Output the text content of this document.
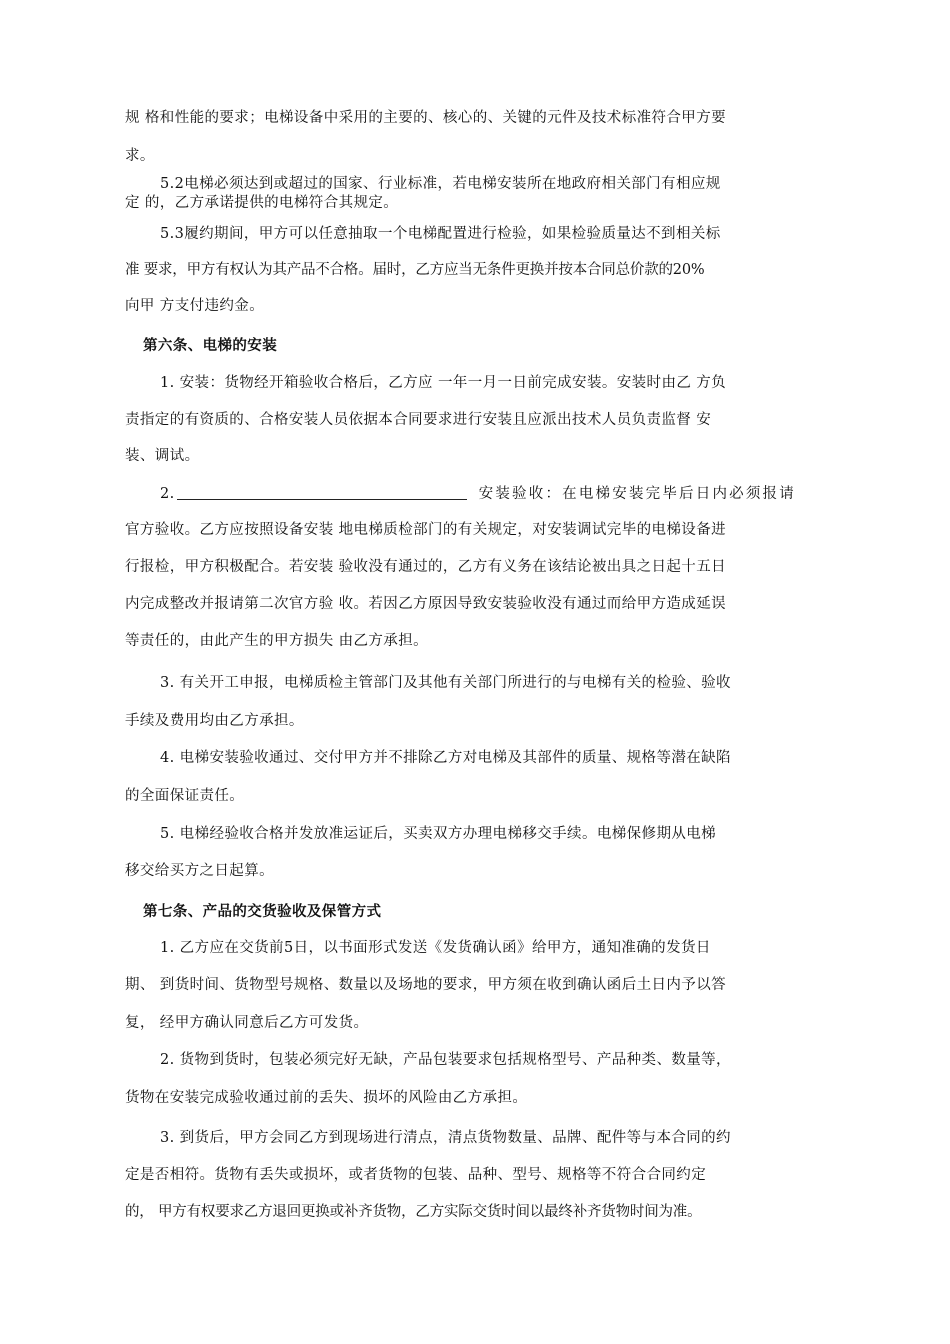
规 格和性能的要求；电梯设备中采用的主要的、核心的、关键的元件及技术标准符合甲方要
求。
5.2电梯必须达到或超过的国家、行业标准，若电梯安装所在地政府相关部门有相应规
定 的，乙方承诺提供的电梯符合其规定。
5.3履约期间，甲方可以任意抽取一个电梯配置进行检验，如果检验质量达不到相关标
准 要求，甲方有权认为其产品不合格。届时，乙方应当无条件更换并按本合同总价款的20%
向甲 方支付违约金。
第六条、电梯的安装
1. 安装：货物经开箱验收合格后，乙方应 一年一月一日前完成安装。安装时由乙 方负
责指定的有资质的、合格安装人员依据本合同要求进行安装且应派出技术人员负责监督 安
装、调试。
2.	安装验收：在电梯安装完毕后日内必须报请
官方验收。乙方应按照设备安装 地电梯质检部门的有关规定，对安装调试完毕的电梯设备进
行报检，甲方积极配合。若安装 验收没有通过的，乙方有义务在该结论被出具之日起十五日
内完成整改并报请第二次官方验 收。若因乙方原因导致安装验收没有通过而给甲方造成延误
等责任的，由此产生的甲方损失 由乙方承担。
3. 有关开工申报，电梯质检主管部门及其他有关部门所进行的与电梯有关的检验、验收
手续及费用均由乙方承担。
4. 电梯安装验收通过、交付甲方并不排除乙方对电梯及其部件的质量、规格等潜在缺陷
的全面保证责任。
5. 电梯经验收合格并发放准运证后，买卖双方办理电梯移交手续。电梯保修期从电梯
移交给买方之日起算。
第七条、产品的交货验收及保管方式
1. 乙方应在交货前5日，以书面形式发送《发货确认函》给甲方，通知准确的发货日
期、 到货时间、货物型号规格、数量以及场地的要求，甲方须在收到确认函后土日内予以答
复， 经甲方确认同意后乙方可发货。
2. 货物到货时，包装必须完好无缺，产品包装要求包括规格型号、产品种类、数量等，
货物在安装完成验收通过前的丢失、损坏的风险由乙方承担。
3. 到货后，甲方会同乙方到现场进行清点，清点货物数量、品牌、配件等与本合同的约
定是否相符。货物有丢失或损坏，或者货物的包装、品种、型号、规格等不符合合同约定
的， 甲方有权要求乙方退回更换或补齐货物，乙方实际交货时间以最终补齐货物时间为准。
